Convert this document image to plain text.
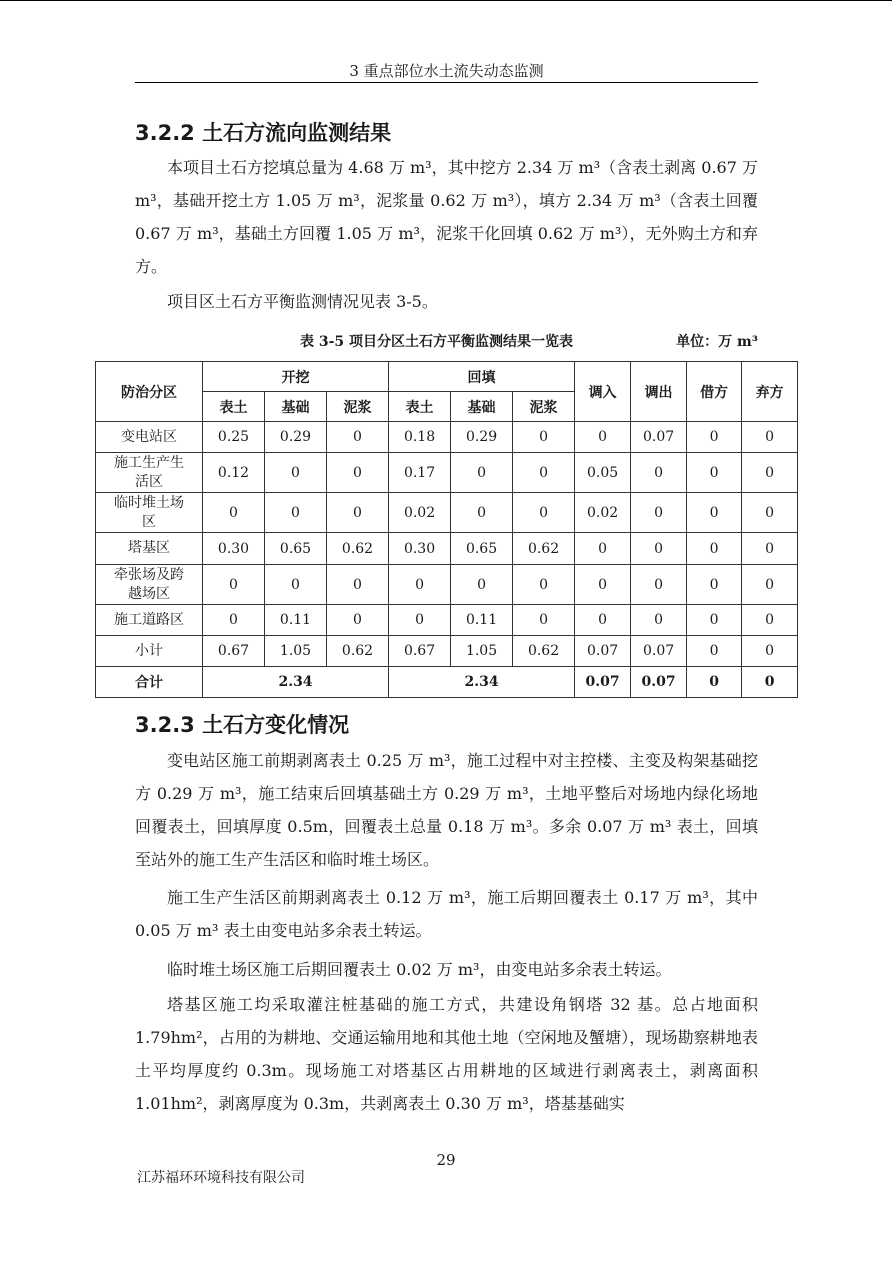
3 重点部位水土流失动态监测
3.2.2 土石方流向监测结果

本项目土石方挖填总量为 4.68 万 m³，其中挖方 2.34 万 m³（含表土剥离 0.67 万 m³，基础开挖土方 1.05 万 m³，泥浆量 0.62 万 m³），填方 2.34 万 m³（含表土回覆 0.67 万 m³，基础土方回覆 1.05 万 m³，泥浆干化回填 0.62 万 m³），无外购土方和弃方。

项目区土石方平衡监测情况见表 3-5。

表 3-5 项目分区土石方平衡监测结果一览表	单位：万 m³
防治分区	开挖			回填			调入	调出	借方	弃方
	表土	基础	泥浆	表土	基础	泥浆				
变电站区	0.25	0.29	0	0.18	0.29	0	0	0.07	0	0
施工生产生活区	0.12	0	0	0.17	0	0	0.05	0	0	0
临时堆土场区	0	0	0	0.02	0	0	0.02	0	0	0
塔基区	0.30	0.65	0.62	0.30	0.65	0.62	0	0	0	0
牵张场及跨越场区	0	0	0	0	0	0	0	0	0	0
施工道路区	0	0.11	0	0	0.11	0	0	0	0	0
小计	0.67	1.05	0.62	0.67	1.05	0.62	0.07	0.07	0	0
合计	2.34			2.34			0.07	0.07	0	0
3.2.3 土石方变化情况

变电站区施工前期剥离表土 0.25 万 m³，施工过程中对主控楼、主变及构架基础挖方 0.29 万 m³，施工结束后回填基础土方 0.29 万 m³，土地平整后对场地内绿化场地回覆表土，回填厚度 0.5m，回覆表土总量 0.18 万 m³。多余 0.07 万 m³ 表土，回填至站外的施工生产生活区和临时堆土场区。

施工生产生活区前期剥离表土 0.12 万 m³，施工后期回覆表土 0.17 万 m³，其中 0.05 万 m³ 表土由变电站多余表土转运。

临时堆土场区施工后期回覆表土 0.02 万 m³，由变电站多余表土转运。

塔基区施工均采取灌注桩基础的施工方式，共建设角钢塔 32 基。总占地面积 1.79hm²，占用的为耕地、交通运输用地和其他土地（空闲地及蟹塘），现场勘察耕地表土平均厚度约 0.3m。现场施工对塔基区占用耕地的区域进行剥离表土，剥离面积 1.01hm²，剥离厚度为 0.3m，共剥离表土 0.30 万 m³，塔基基础实

29
江苏福环环境科技有限公司
